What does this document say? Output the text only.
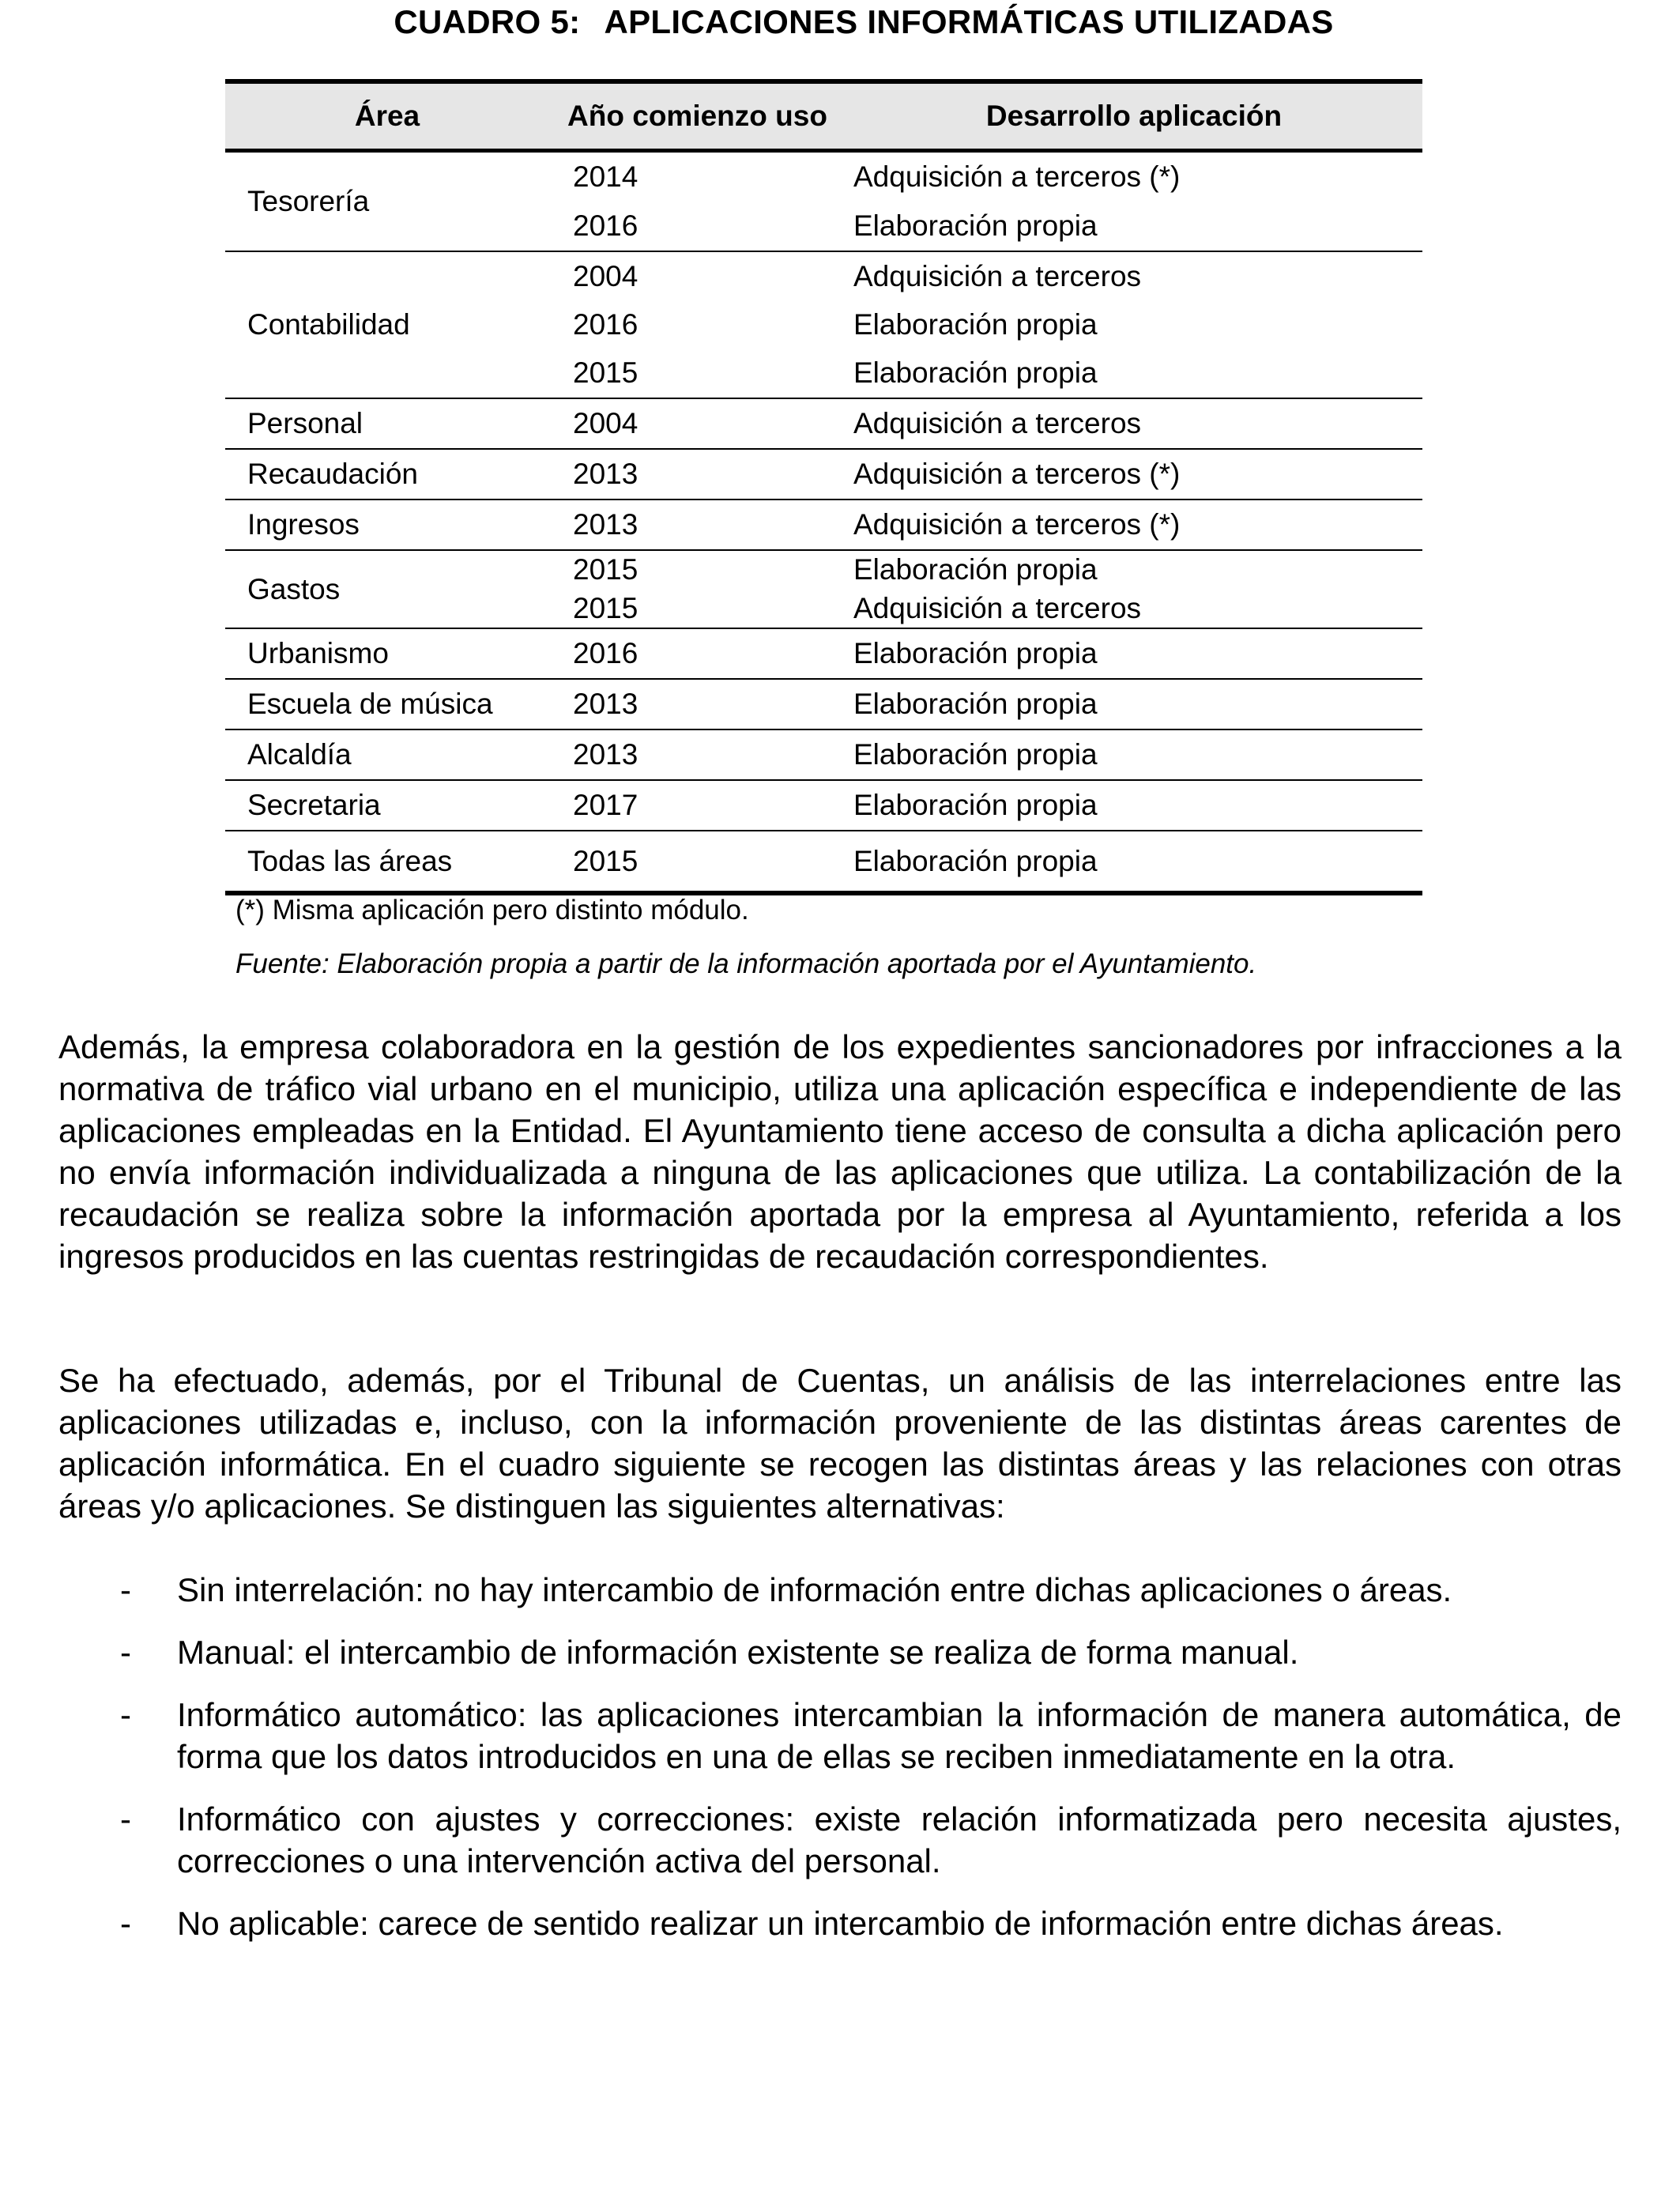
CUADRO 5: APLICACIONES INFORMÁTICAS UTILIZADAS
Área	Año comienzo uso	Desarrollo aplicación
Tesorería
2014	Adquisición a terceros (*)
2016	Elaboración propia
Contabilidad
2004	Adquisición a terceros
2016	Elaboración propia
2015	Elaboración propia
Personal	2004	Adquisición a terceros
Recaudación	2013	Adquisición a terceros (*)
Ingresos	2013	Adquisición a terceros (*)
Gastos
2015	Elaboración propia
2015	Adquisición a terceros
Urbanismo	2016	Elaboración propia
Escuela de música	2013	Elaboración propia
Alcaldía	2013	Elaboración propia
Secretaria	2017	Elaboración propia
Todas las áreas	2015	Elaboración propia
(*) Misma aplicación pero distinto módulo.
Fuente: Elaboración propia a partir de la información aportada por el Ayuntamiento.
Además, la empresa colaboradora en la gestión de los expedientes sancionadores por infracciones a la normativa de tráfico vial urbano en el municipio, utiliza una aplicación específica e independiente de las aplicaciones empleadas en la Entidad. El Ayuntamiento tiene acceso de consulta a dicha aplicación pero no envía información individualizada a ninguna de las aplicaciones que utiliza. La contabilización de la recaudación se realiza sobre la información aportada por la empresa al Ayuntamiento, referida a los ingresos producidos en las cuentas restringidas de recaudación correspondientes.
Se ha efectuado, además, por el Tribunal de Cuentas, un análisis de las interrelaciones entre las aplicaciones utilizadas e, incluso, con la información proveniente de las distintas áreas carentes de aplicación informática. En el cuadro siguiente se recogen las distintas áreas y las relaciones con otras áreas y/o aplicaciones. Se distinguen las siguientes alternativas:
-	Sin interrelación: no hay intercambio de información entre dichas aplicaciones o áreas.
-	Manual: el intercambio de información existente se realiza de forma manual.
-	Informático automático: las aplicaciones intercambian la información de manera automática, de forma que los datos introducidos en una de ellas se reciben inmediatamente en la otra.
-	Informático con ajustes y correcciones: existe relación informatizada pero necesita ajustes, correcciones o una intervención activa del personal.
-	No aplicable: carece de sentido realizar un intercambio de información entre dichas áreas.
